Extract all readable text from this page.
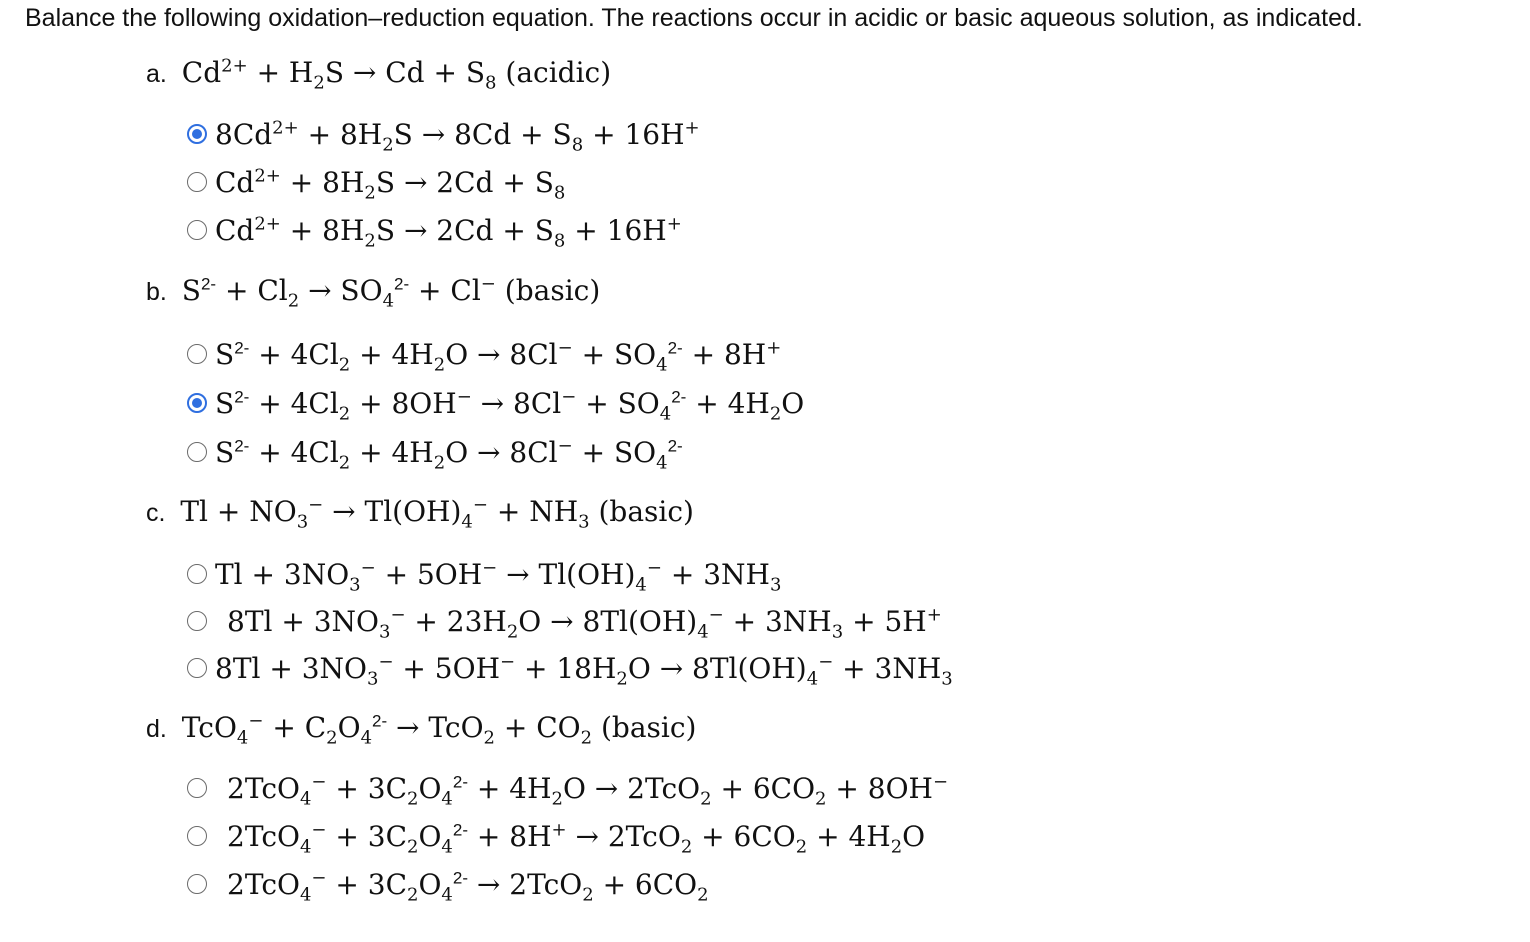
Balance the following oxidation–reduction equation. The reactions occur in acidic or basic aqueous solution, as indicated.
a. $Cd^{2+} + H_2S \to Cd + S_8$ (acidic)
$8Cd^{2+} + 8H_2S \to 8Cd + S_8 + 16H^+$
$Cd^{2+} + 8H_2S \to 2Cd + S_8$
$Cd^{2+} + 8H_2S \to 2Cd + S_8 + 16H^+$
b. $S^{2-} + Cl_2 \to SO_4^{2-} + Cl^-$ (basic)
$S^{2-} + 4Cl_2 + 4H_2O \to 8Cl^- + SO_4^{2-} + 8H^+$
$S^{2-} + 4Cl_2 + 8OH^- \to 8Cl^- + SO_4^{2-} + 4H_2O$
$S^{2-} + 4Cl_2 + 4H_2O \to 8Cl^- + SO_4^{2-}$
c. $Tl + NO_3^- \to Tl(OH)_4^- + NH_3$ (basic)
$Tl + 3NO_3^- + 5OH^- \to Tl(OH)_4^- + 3NH_3$
$8Tl + 3NO_3^- + 23H_2O \to 8Tl(OH)_4^- + 3NH_3 + 5H^+$
$8Tl + 3NO_3^- + 5OH^- + 18H_2O \to 8Tl(OH)_4^- + 3NH_3$
d. $TcO_4^- + C_2O_4^{2-} \to TcO_2 + CO_2$ (basic)
$2TcO_4^- + 3C_2O_4^{2-} + 4H_2O \to 2TcO_2 + 6CO_2 + 8OH^-$
$2TcO_4^- + 3C_2O_4^{2-} + 8H^+ \to 2TcO_2 + 6CO_2 + 4H_2O$
$2TcO_4^- + 3C_2O_4^{2-} \to 2TcO_2 + 6CO_2$
